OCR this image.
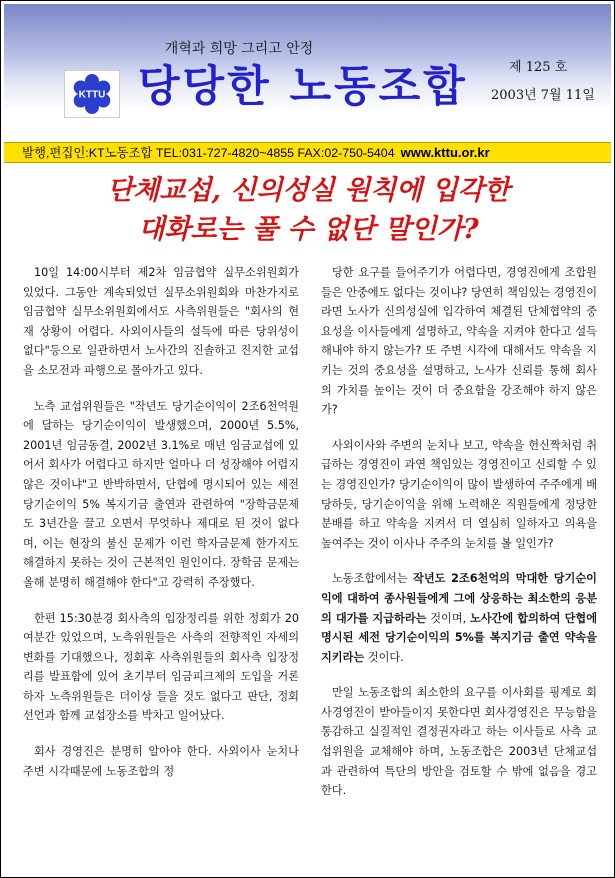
개혁과 희망 그리고 안정
KTTU 당당한 노동조합	제 125 호
2003년 7월 11일
발행,편집인:KT노동조합 TEL:031-727-4820~4855 FAX:02-750-5404 www.kttu.or.kr
단체교섭, 신의성실 원칙에 입각한
대화로는 풀 수 없단 말인가?

10일 14:00시부터 제2차 임금협약 실무소위원회가 있었다. 그동안 계속되었던 실무소위원회와 마찬가지로 임금협약 실무소위원회에서도 사측위원들은 "회사의 현재 상황이 어렵다. 사외이사들의 설득에 따른 당위성이 없다"등으로 일관하면서 노사간의 진솔하고 진지한 교섭을 소모전과 파행으로 몰아가고 있다.

노측 교섭위원들은 "작년도 당기순이익이 2조6천억원에 달하는 당기순이익이 발생했으며, 2000년 5.5%, 2001년 임금동결, 2002년 3.1%로 매년 임금교섭에 있어서 회사가 어렵다고 하지만 얼마나 더 성장해야 어렵지 않은 것이냐"고 반박하면서, 단협에 명시되어 있는 세전 당기순이익 5% 복지기금 출연과 관련하여 "장학금문제도 3년간을 끌고 오면서 무엇하나 제대로 된 것이 없다며, 이는 현장의 불신 문제가 이런 학자금문제 한가지도 해결하지 못하는 것이 근본적인 원인이다. 장학금 문제는 올해 분명히 해결해야 한다"고 강력히 주장했다.

한편 15:30분경 회사측의 입장정리를 위한 정회가 20여분간 있었으며, 노측위원들은 사측의 전향적인 자세의 변화를 기대했으나, 정회후 사측위원들의 회사측 입장정리를 발표함에 있어 초기부터 임금피크제의 도입을 거론하자 노측위원들은 더이상 들을 것도 없다고 판단, 정회선언과 함께 교섭장소를 박차고 일어났다.

회사 경영진은 분명히 알아야 한다. 사외이사 눈치나 주변 시각때문에 노동조합의 정

당한 요구를 들어주기가 어렵다면, 경영진에게 조합원들은 안중에도 없다는 것이냐? 당연히 책임있는 경영진이라면 노사가 신의성실에 입각하여 체결된 단체협약의 중요성을 이사들에게 설명하고, 약속을 지켜야 한다고 설득해내야 하지 않는가? 또 주변 시각에 대해서도 약속을 지키는 것의 중요성을 설명하고, 노사가 신뢰를 통해 회사의 가치를 높이는 것이 더 중요함을 강조해야 하지 않은가?

사외이사와 주변의 눈치나 보고, 약속을 헌신짝처럼 취급하는 경영진이 과연 책임있는 경영진이고 신뢰할 수 있는 경영진인가? 당기순이익이 많이 발생하여 주주에게 배당하듯, 당기순이익을 위해 노력해온 직원들에게 정당한 분배를 하고 약속을 지켜서 더 열심히 일하자고 의욕을 높여주는 것이 이사나 주주의 눈치를 볼 일인가?

노동조합에서는 작년도 2조6천억의 막대한 당기순이익에 대하여 종사원들에게 그에 상응하는 최소한의 응분의 대가를 지급하라는 것이며, 노사간에 합의하여 단협에 명시된 세전 당기순이익의 5%를 복지기금 출연 약속을 지키라는 것이다.

만일 노동조합의 최소한의 요구를 이사회를 핑계로 회사경영진이 받아들이지 못한다면 회사경영진은 무능함을 통감하고 실질적인 결정권자라고 하는 이사들로 사측 교섭위원을 교체해야 하며, 노동조합은 2003년 단체교섭과 관련하여 특단의 방안을 검토할 수 밖에 없음을 경고한다.
